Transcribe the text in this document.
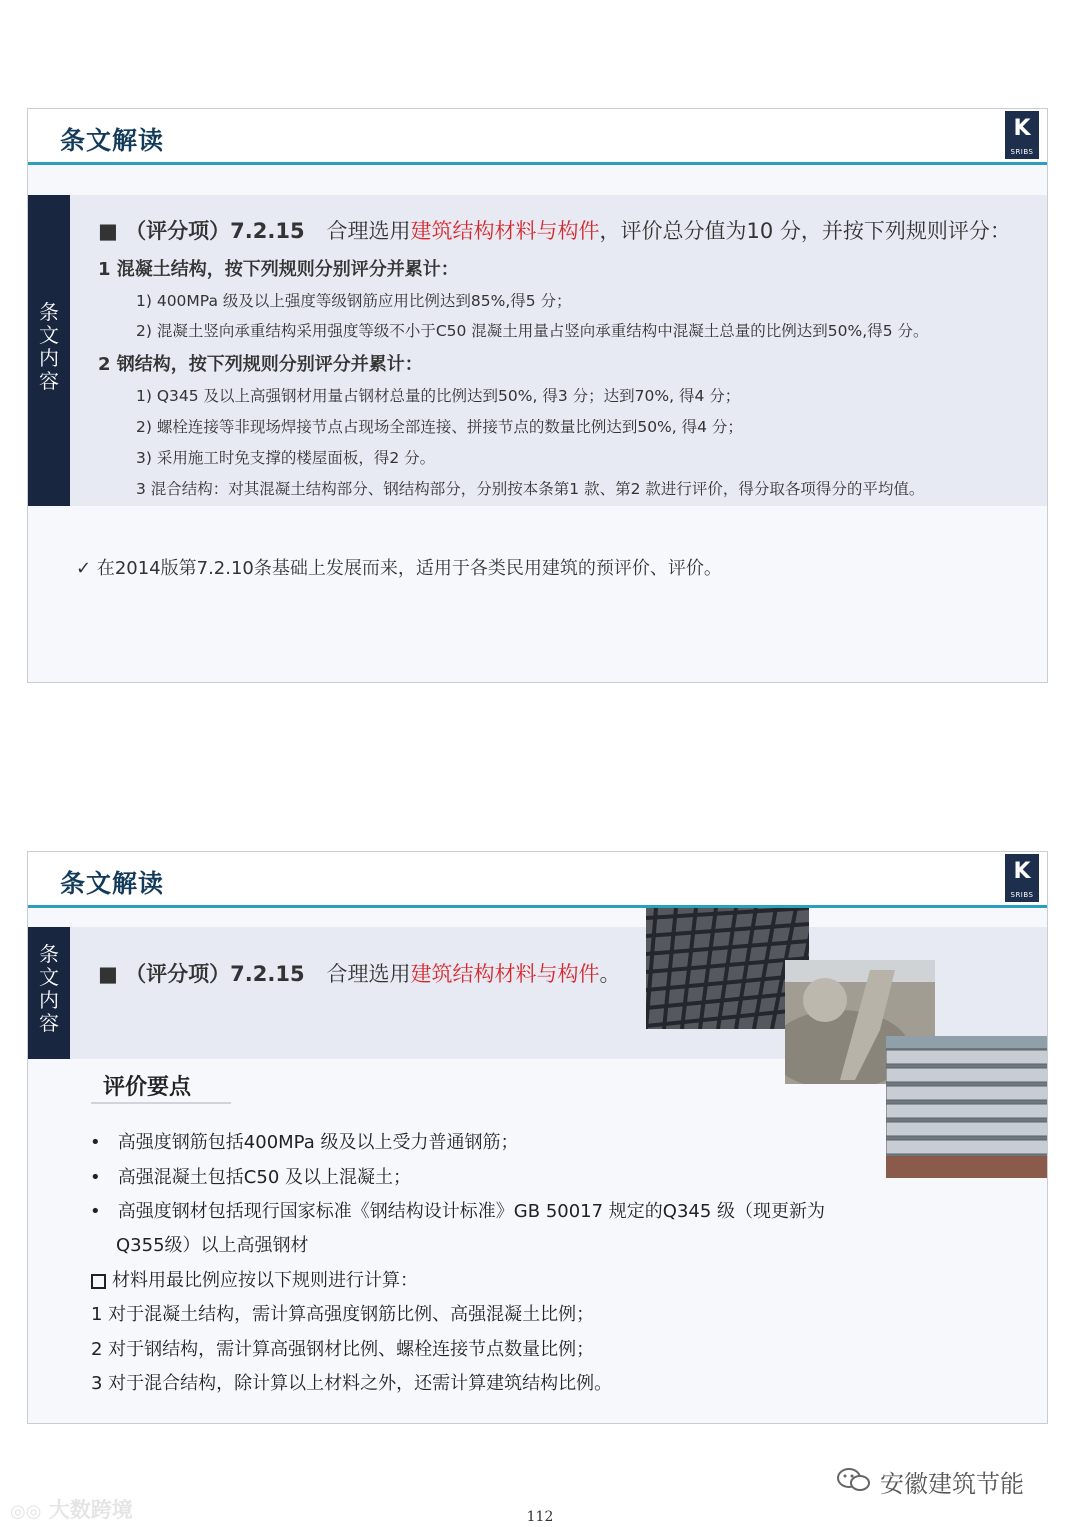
条文解读	K
SRIBS
条
文
内
容
■ （评分项）7.2.15 合理选用建筑结构材料与构件，评价总分值为10 分，并按下列规则评分：
1 混凝土结构，按下列规则分别评分并累计：
1) 400MPa 级及以上强度等级钢筋应用比例达到85%,得5 分；
2) 混凝土竖向承重结构采用强度等级不小于C50 混凝土用量占竖向承重结构中混凝土总量的比例达到50%,得5 分。
2 钢结构，按下列规则分别评分并累计：
1) Q345 及以上高强钢材用量占钢材总量的比例达到50%, 得3 分；达到70%, 得4 分；
2) 螺栓连接等非现场焊接节点占现场全部连接、拼接节点的数量比例达到50%, 得4 分；
3) 采用施工时免支撑的楼屋面板，得2 分。
3 混合结构：对其混凝土结构部分、钢结构部分，分别按本条第1 款、第2 款进行评价，得分取各项得分的平均值。
✓ 在2014版第7.2.10条基础上发展而来，适用于各类民用建筑的预评价、评价。
条文解读	K
SRIBS
条
文
内
容
■ （评分项）7.2.15 合理选用建筑结构材料与构件。
评价要点
• 高强度钢筋包括400MPa 级及以上受力普通钢筋；
• 高强混凝土包括C50 及以上混凝土；
• 高强度钢材包括现行国家标准《钢结构设计标准》GB 50017 规定的Q345 级（现更新为
Q355级）以上高强钢材
材料用最比例应按以下规则进行计算：
1 对于混凝土结构，需计算高强度钢筋比例、高强混凝土比例；
2 对于钢结构，需计算高强钢材比例、螺栓连接节点数量比例；
3 对于混合结构，除计算以上材料之外，还需计算建筑结构比例。
安徽建筑节能
◎◎ 大数跨境	112
